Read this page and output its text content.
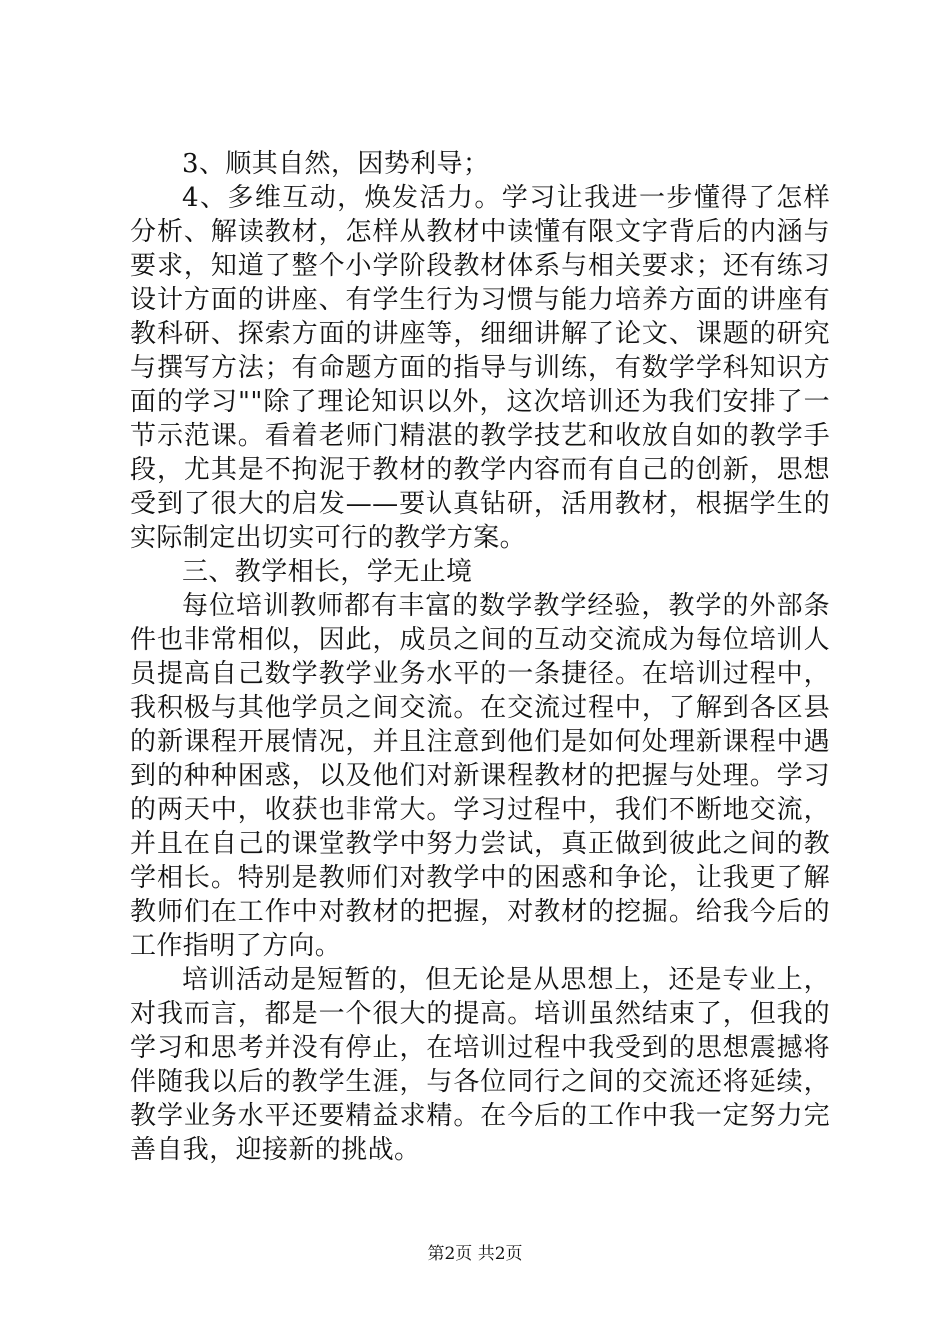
3、顺其自然，因势利导；

4、多维互动，焕发活力。学习让我进一步懂得了怎样分析、解读教材，怎样从教材中读懂有限文字背后的内涵与要求，知道了整个小学阶段教材体系与相关要求；还有练习设计方面的讲座、有学生行为习惯与能力培养方面的讲座有教科研、探索方面的讲座等，细细讲解了论文、课题的研究与撰写方法；有命题方面的指导与训练，有数学学科知识方面的学习""除了理论知识以外，这次培训还为我们安排了一节示范课。看着老师门精湛的教学技艺和收放自如的教学手段，尤其是不拘泥于教材的教学内容而有自己的创新，思想受到了很大的启发——要认真钻研，活用教材，根据学生的实际制定出切实可行的教学方案。

三、教学相长，学无止境

每位培训教师都有丰富的数学教学经验，教学的外部条件也非常相似，因此，成员之间的互动交流成为每位培训人员提高自己数学教学业务水平的一条捷径。在培训过程中，我积极与其他学员之间交流。在交流过程中，了解到各区县的新课程开展情况，并且注意到他们是如何处理新课程中遇到的种种困惑，以及他们对新课程教材的把握与处理。学习的两天中，收获也非常大。学习过程中，我们不断地交流，并且在自己的课堂教学中努力尝试，真正做到彼此之间的教学相长。特别是教师们对教学中的困惑和争论，让我更了解教师们在工作中对教材的把握，对教材的挖掘。给我今后的工作指明了方向。

培训活动是短暂的，但无论是从思想上，还是专业上，对我而言，都是一个很大的提高。培训虽然结束了，但我的学习和思考并没有停止，在培训过程中我受到的思想震撼将伴随我以后的教学生涯，与各位同行之间的交流还将延续，教学业务水平还要精益求精。在今后的工作中我一定努力完善自我，迎接新的挑战。

第2页 共2页
